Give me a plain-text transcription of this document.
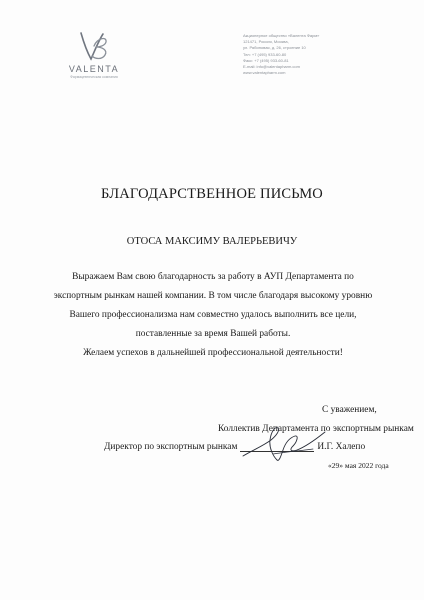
VALENTA
Фармацевтическая компания
Акционерное общество «Валента Фарм»
121471, Россия, Москва,
ул. Рябиновая, д. 26, строение 10
Тел: +7 (495) 933-60-80
Факс: +7 (495) 933-60-81
E-mail: info@valentapharm.com
www.valentapharm.com
БЛАГОДАРСТВЕННОЕ ПИСЬМО
ОТОСА МАКСИМУ ВАЛЕРЬЕВИЧУ
Выражаем Вам свою благодарность за работу в АУП Департамента по
экспортным рынкам нашей компании. В том числе благодаря высокому уровню
Вашего профессионализма нам совместно удалось выполнить все цели,
поставленные за время Вашей работы.
Желаем успехов в дальнейшей профессиональной деятельности!
С уважением,
Коллектив Департамента по экспортным рынкам
Директор по экспортным рынкам	И.Г. Халепо
«29» мая 2022 года
